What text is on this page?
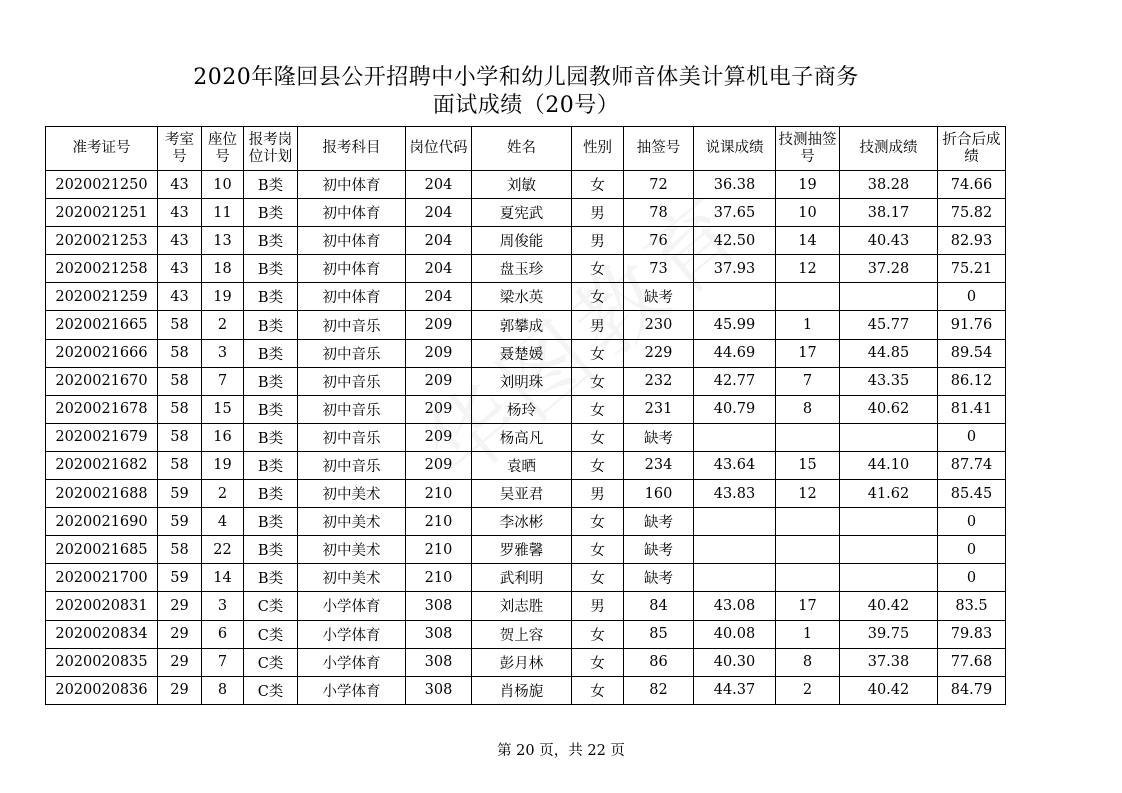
2020年隆回县公开招聘中小学和幼儿园教师音体美计算机电子商务
面试成绩（20号）
准考证号	考室号	座位号	报考岗位计划	报考科目	岗位代码	姓名	性别	抽签号	说课成绩	技测抽签号	技测成绩	折合后成绩
2020021250	43	10	B类	初中体育	204	刘敏	女	72	36.38	19	38.28	74.66
2020021251	43	11	B类	初中体育	204	夏宪武	男	78	37.65	10	38.17	75.82
2020021253	43	13	B类	初中体育	204	周俊能	男	76	42.50	14	40.43	82.93
2020021258	43	18	B类	初中体育	204	盘玉珍	女	73	37.93	12	37.28	75.21
2020021259	43	19	B类	初中体育	204	梁水英	女	缺考				0
2020021665	58	2	B类	初中音乐	209	郭攀成	男	230	45.99	1	45.77	91.76
2020021666	58	3	B类	初中音乐	209	聂楚媛	女	229	44.69	17	44.85	89.54
2020021670	58	7	B类	初中音乐	209	刘明珠	女	232	42.77	7	43.35	86.12
2020021678	58	15	B类	初中音乐	209	杨玲	女	231	40.79	8	40.62	81.41
2020021679	58	16	B类	初中音乐	209	杨高凡	女	缺考				0
2020021682	58	19	B类	初中音乐	209	袁晒	女	234	43.64	15	44.10	87.74
2020021688	59	2	B类	初中美术	210	吴亚君	男	160	43.83	12	41.62	85.45
2020021690	59	4	B类	初中美术	210	李冰彬	女	缺考				0
2020021685	58	22	B类	初中美术	210	罗雅馨	女	缺考				0
2020021700	59	14	B类	初中美术	210	武利明	女	缺考				0
2020020831	29	3	C类	小学体育	308	刘志胜	男	84	43.08	17	40.42	83.5
2020020834	29	6	C类	小学体育	308	贺上容	女	85	40.08	1	39.75	79.83
2020020835	29	7	C类	小学体育	308	彭月林	女	86	40.30	8	37.38	77.68
2020020836	29	8	C类	小学体育	308	肖杨旎	女	82	44.37	2	40.42	84.79
第 20 页，共 22 页
